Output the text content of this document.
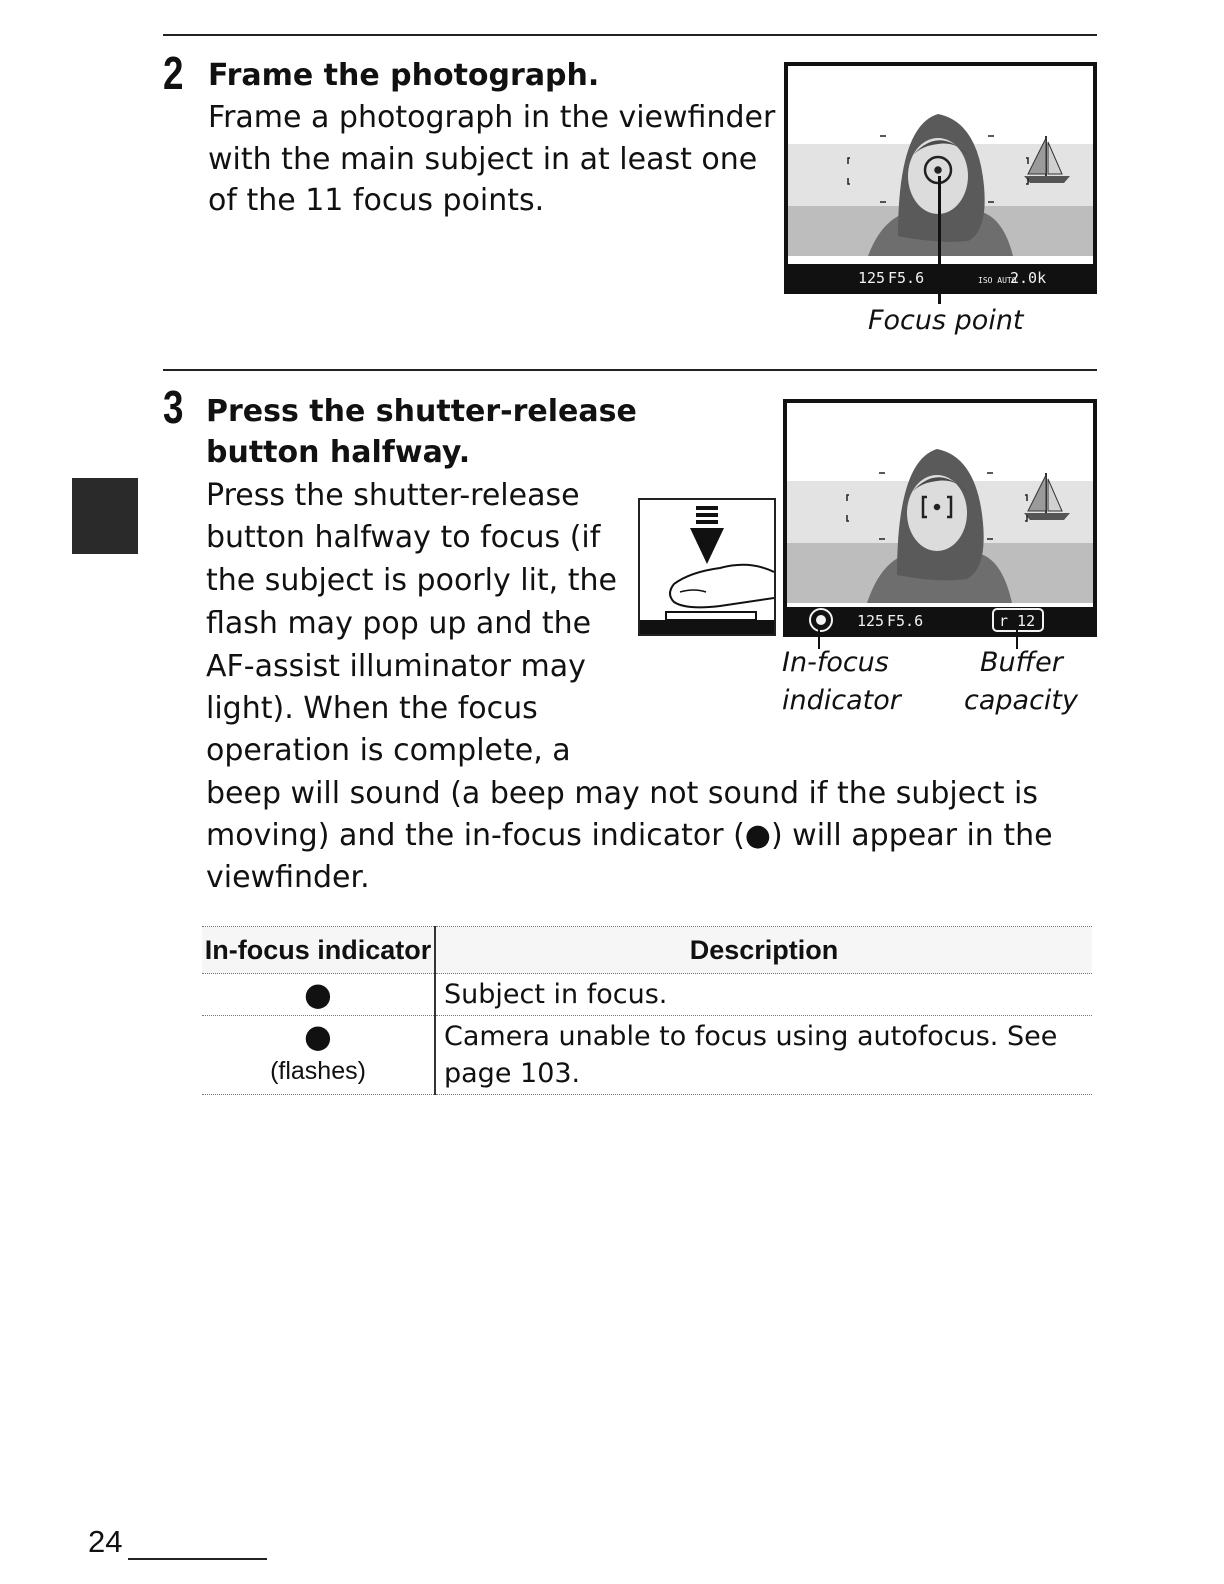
2 Frame the photograph.
Frame a photograph in the viewfinder
with the main subject in at least one
of the 11 focus points.
125 F5.6	ISO AUTO
2.0k
Focus point
3 Press the shutter-release
button halfway.
Press the shutter-release
button halfway to focus (if
the subject is poorly lit, the
flash may pop up and the
AF-assist illuminator may
light). When the focus
operation is complete, a
beep will sound (a beep may not sound if the subject is
moving) and the in-focus indicator (●) will appear in the
viewfinder.
125 F5.6	r 12
In-focus
indicator
Buffer
capacity
In-focus indicator	Description

●	Subject in focus.

●
(flashes)	Camera unable to focus using autofocus. See
page 103.
24
